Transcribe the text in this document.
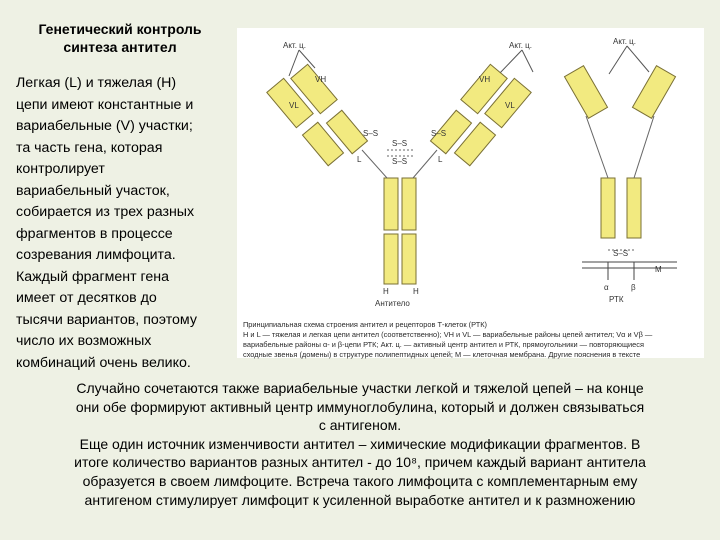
Генетический контроль
синтеза антител
Легкая (L) и тяжелая (H)
цепи имеют константные и
вариабельные (V) участки;
та часть гена, которая
контролирует
вариабельный участок,
собирается из трех разных
фрагментов в процессе
созревания лимфоцита.
Каждый фрагмент гена
имеет от десятков до
тысячи вариантов, поэтому
число их возможных
комбинаций очень велико.
Акт. ц.	Акт. ц.	Акт. ц.
S–S
S–S
S–S
S–S
S–S
VL
VH	VH
VL
L	L
H	H
Антитело
M
α	β
РТК
Принципиальная схема строения антител и рецепторов Т-клеток (РТК)
H и L — тяжелая и легкая цепи антител (соответственно); VH и VL — вариабельные районы цепей антител; Vα и Vβ —
вариабельные районы α- и β-цепи РТК; Акт. ц. — активный центр антител и РТК, прямоугольники — повторяющиеся
сходные звенья (домены) в структуре полипептидных цепей; M — клеточная мембрана. Другие пояснения в тексте
Случайно сочетаются также вариабельные участки легкой и тяжелой цепей – на конце
они обе формируют активный центр иммуноглобулина, который и должен связываться
с антигеном.
Еще один источник изменчивости антител – химические модификации фрагментов. В
итоге количество вариантов разных антител - до 10⁸, причем каждый вариант антитела
образуется в своем лимфоците. Встреча такого лимфоцита с комплементарным ему
антигеном стимулирует лимфоцит к усиленной выработке антител и к размножению
